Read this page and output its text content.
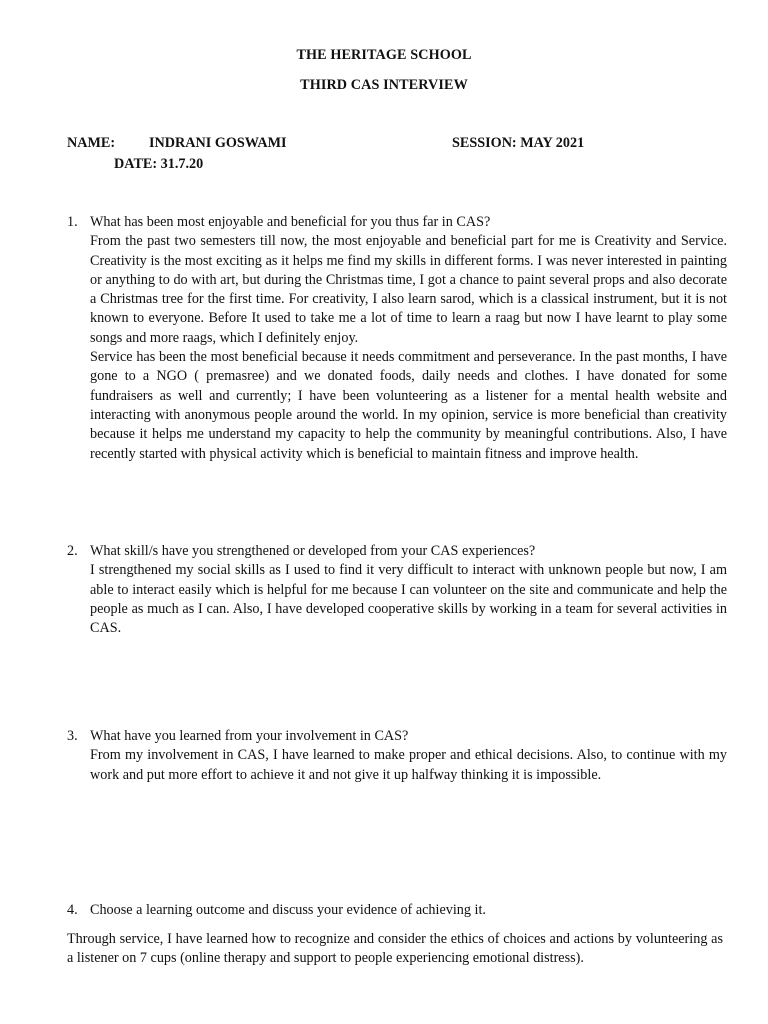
THE HERITAGE SCHOOL
THIRD CAS INTERVIEW
NAME: INDRANI GOSWAMI	SESSION: MAY 2021
DATE: 31.7.20
1. What has been most enjoyable and beneficial for you thus far in CAS?
From the past two semesters till now, the most enjoyable and beneficial part for me is Creativity and Service. Creativity is the most exciting as it helps me find my skills in different forms. I was never interested in painting or anything to do with art, but during the Christmas time, I got a chance to paint several props and also decorate a Christmas tree for the first time. For creativity, I also learn sarod, which is a classical instrument, but it is not known to everyone. Before It used to take me a lot of time to learn a raag but now I have learnt to play some songs and more raags, which I definitely enjoy.
Service has been the most beneficial because it needs commitment and perseverance. In the past months, I have gone to a NGO ( premasree) and we donated foods, daily needs and clothes. I have donated for some fundraisers as well and currently; I have been volunteering as a listener for a mental health website and interacting with anonymous people around the world. In my opinion, service is more beneficial than creativity because it helps me understand my capacity to help the community by meaningful contributions. Also, I have recently started with physical activity which is beneficial to maintain fitness and improve health.
2. What skill/s have you strengthened or developed from your CAS experiences?
I strengthened my social skills as I used to find it very difficult to interact with unknown people but now, I am able to interact easily which is helpful for me because I can volunteer on the site and communicate and help the people as much as I can. Also, I have developed cooperative skills by working in a team for several activities in CAS.
3. What have you learned from your involvement in CAS?
From my involvement in CAS, I have learned to make proper and ethical decisions. Also, to continue with my work and put more effort to achieve it and not give it up halfway thinking it is impossible.
4. Choose a learning outcome and discuss your evidence of achieving it.
Through service, I have learned how to recognize and consider the ethics of choices and actions by volunteering as a listener on 7 cups (online therapy and support to people experiencing emotional distress).
